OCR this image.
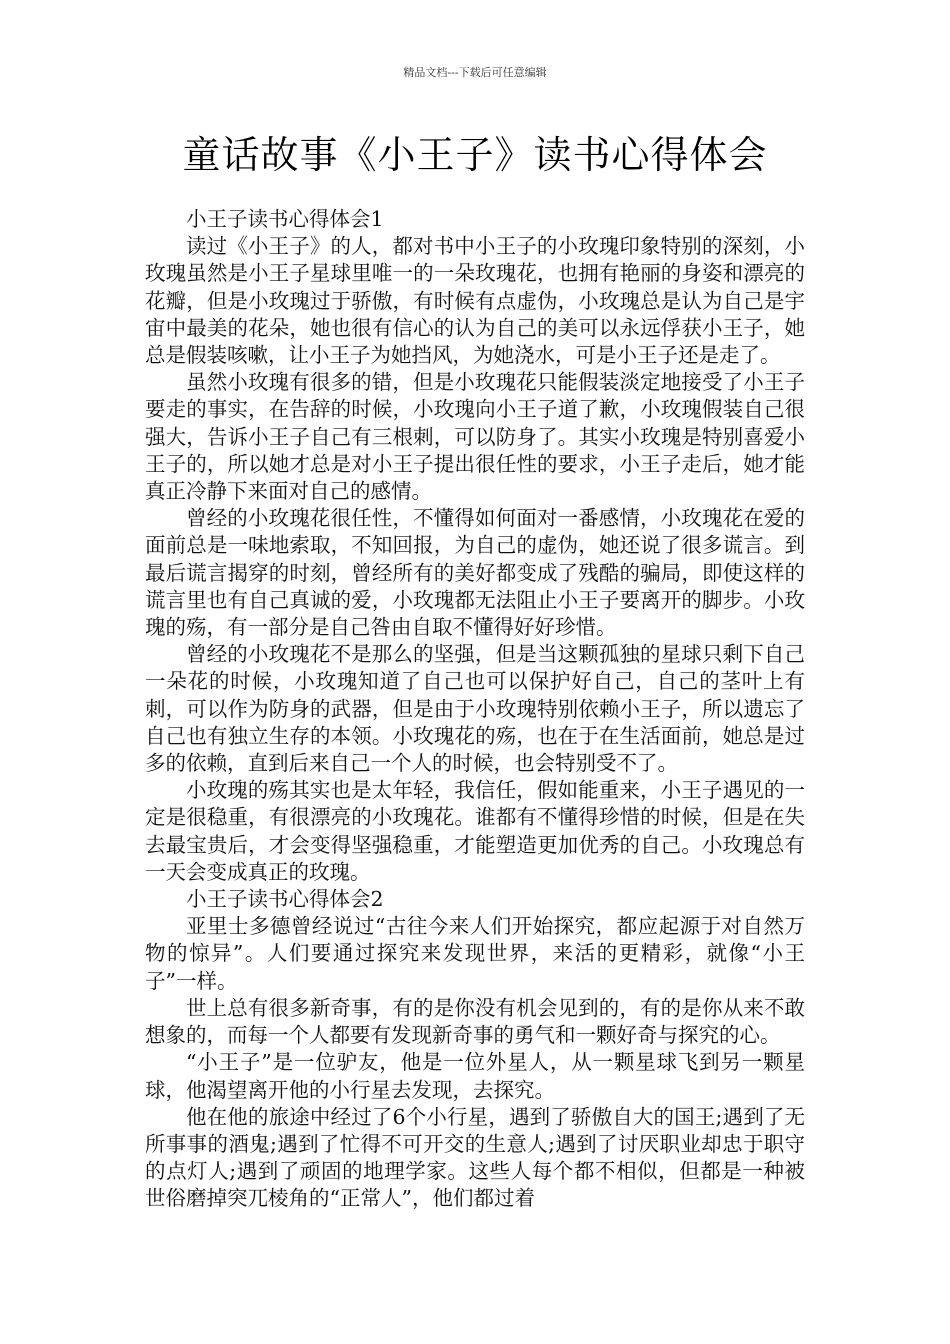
精品文档---下载后可任意编辑
童话故事《小王子》读书心得体会

小王子读书心得体会1

读过《小王子》的人，都对书中小王子的小玫瑰印象特别的深刻，小玫瑰虽然是小王子星球里唯一的一朵玫瑰花，也拥有艳丽的身姿和漂亮的花瓣，但是小玫瑰过于骄傲，有时候有点虚伪，小玫瑰总是认为自己是宇宙中最美的花朵，她也很有信心的认为自己的美可以永远俘获小王子，她总是假装咳嗽，让小王子为她挡风，为她浇水，可是小王子还是走了。

虽然小玫瑰有很多的错，但是小玫瑰花只能假装淡定地接受了小王子要走的事实，在告辞的时候，小玫瑰向小王子道了歉，小玫瑰假装自己很强大，告诉小王子自己有三根刺，可以防身了。其实小玫瑰是特别喜爱小王子的，所以她才总是对小王子提出很任性的要求，小王子走后，她才能真正冷静下来面对自己的感情。

曾经的小玫瑰花很任性，不懂得如何面对一番感情，小玫瑰花在爱的面前总是一味地索取，不知回报，为自己的虚伪，她还说了很多谎言。到最后谎言揭穿的时刻，曾经所有的美好都变成了残酷的骗局，即使这样的谎言里也有自己真诚的爱，小玫瑰都无法阻止小王子要离开的脚步。小玫瑰的殇，有一部分是自己咎由自取不懂得好好珍惜。

曾经的小玫瑰花不是那么的坚强，但是当这颗孤独的星球只剩下自己一朵花的时候，小玫瑰知道了自己也可以保护好自己，自己的茎叶上有刺，可以作为防身的武器，但是由于小玫瑰特别依赖小王子，所以遗忘了自己也有独立生存的本领。小玫瑰花的殇，也在于在生活面前，她总是过多的依赖，直到后来自己一个人的时候，也会特别受不了。

小玫瑰的殇其实也是太年轻，我信任，假如能重来，小王子遇见的一定是很稳重，有很漂亮的小玫瑰花。谁都有不懂得珍惜的时候，但是在失去最宝贵后，才会变得坚强稳重，才能塑造更加优秀的自己。小玫瑰总有一天会变成真正的玫瑰。

小王子读书心得体会2

亚里士多德曾经说过“古往今来人们开始探究，都应起源于对自然万物的惊异”。人们要通过探究来发现世界，来活的更精彩，就像“小王子”一样。

世上总有很多新奇事，有的是你没有机会见到的，有的是你从来不敢想象的，而每一个人都要有发现新奇事的勇气和一颗好奇与探究的心。

“小王子”是一位驴友，他是一位外星人，从一颗星球飞到另一颗星球，他渴望离开他的小行星去发现，去探究。

他在他的旅途中经过了6个小行星，遇到了骄傲自大的国王;遇到了无所事事的酒鬼;遇到了忙得不可开交的生意人;遇到了讨厌职业却忠于职守的点灯人;遇到了顽固的地理学家。这些人每个都不相似，但都是一种被世俗磨掉突兀棱角的“正常人”，他们都过着
